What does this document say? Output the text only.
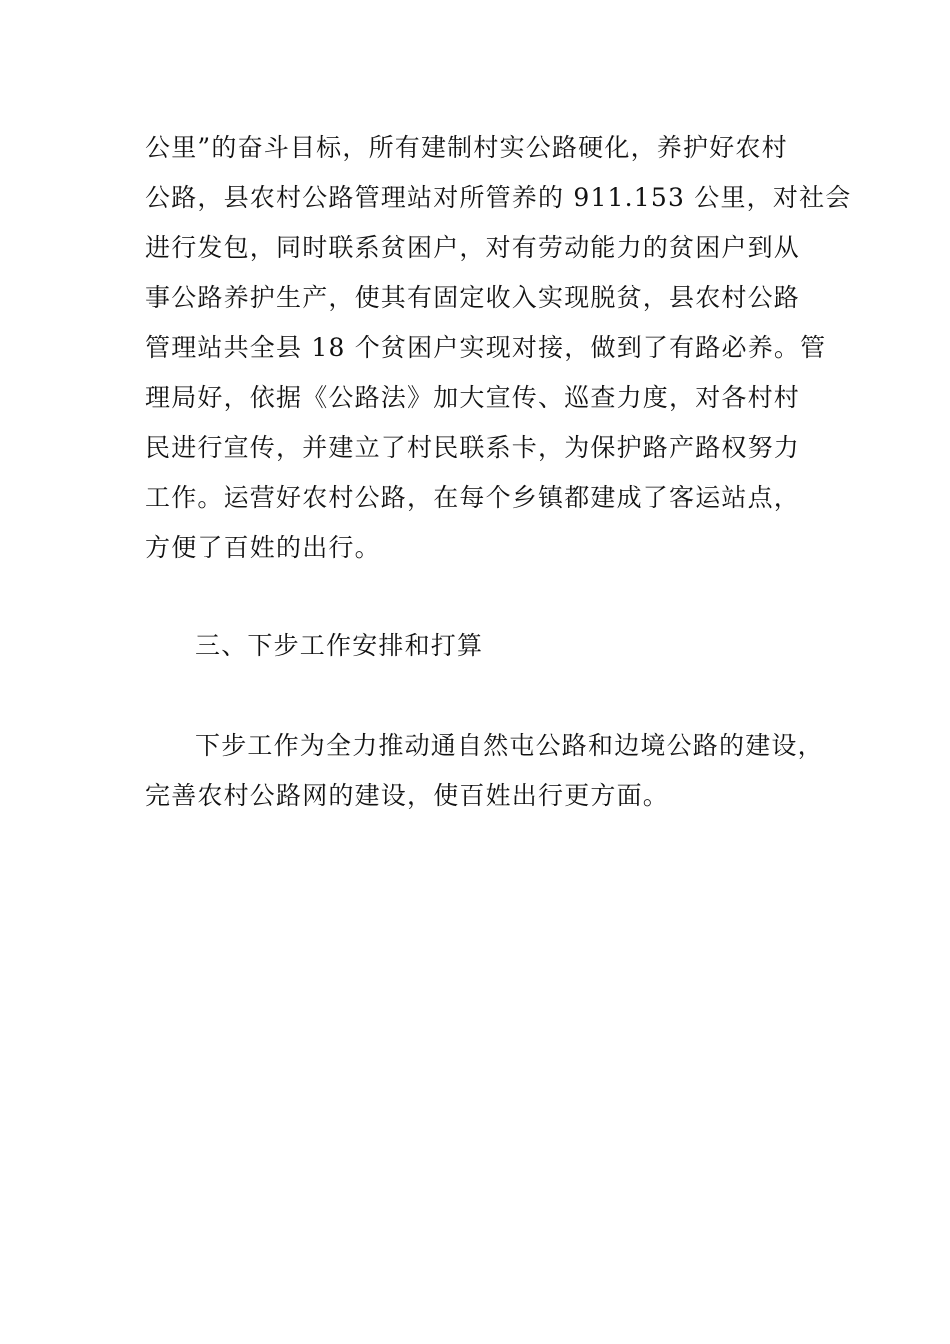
公里”的奋斗目标，所有建制村实公路硬化，养护好农村
公路，县农村公路管理站对所管养的 911.153 公里，对社会
进行发包，同时联系贫困户，对有劳动能力的贫困户到从
事公路养护生产，使其有固定收入实现脱贫，县农村公路
管理站共全县 18 个贫困户实现对接，做到了有路必养。管
理局好，依据《公路法》加大宣传、巡查力度，对各村村
民进行宣传，并建立了村民联系卡，为保护路产路权努力
工作。运营好农村公路，在每个乡镇都建成了客运站点，
方便了百姓的出行。
三、下步工作安排和打算
下步工作为全力推动通自然屯公路和边境公路的建设，
完善农村公路网的建设，使百姓出行更方面。
